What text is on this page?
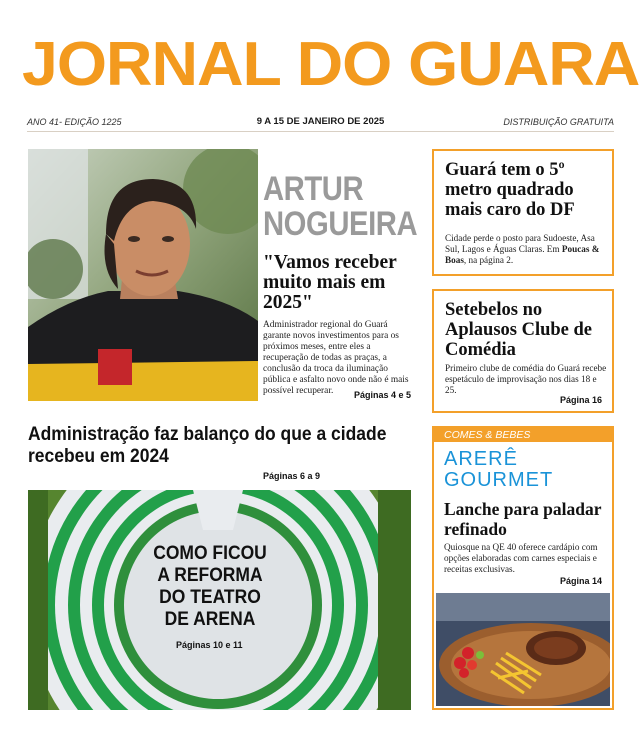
JORNAL DO GUARA
ANO 41- EDIÇÃO 1225	9 A 15 DE JANEIRO DE 2025	DISTRIBUIÇÃO GRATUITA
ARTUR NOGUEIRA
"Vamos receber muito mais em 2025"
Administrador regional do Guará garante novos investimentos para os próximos meses, entre eles a recuperação de todas as praças, a conclusão da troca da iluminação pública e asfalto novo onde não é mais possível recuperar.	Páginas 4 e 5
Guará tem o 5º metro quadrado mais caro do DF

Cidade perde o posto para Sudoeste, Asa Sul, Lagos e Águas Claras. Em Poucas & Boas, na página 2.

Setebelos no Aplausos Clube de Comédia

Primeiro clube de comédia do Guará recebe espetáculo de improvisação nos dias 18 e 25.

Página 16
COMES & BEBES
ARERÊ GOURMET
Lanche para paladar refinado

Quiosque na QE 40 oferece cardápio com opções elaboradas com carnes especiais e receitas exclusivas.

Página 14
Administração faz balanço do que a cidade recebeu em 2024
Páginas 6 a 9
COMO FICOU A REFORMA DO TEATRO DE ARENA
Páginas 10 e 11
